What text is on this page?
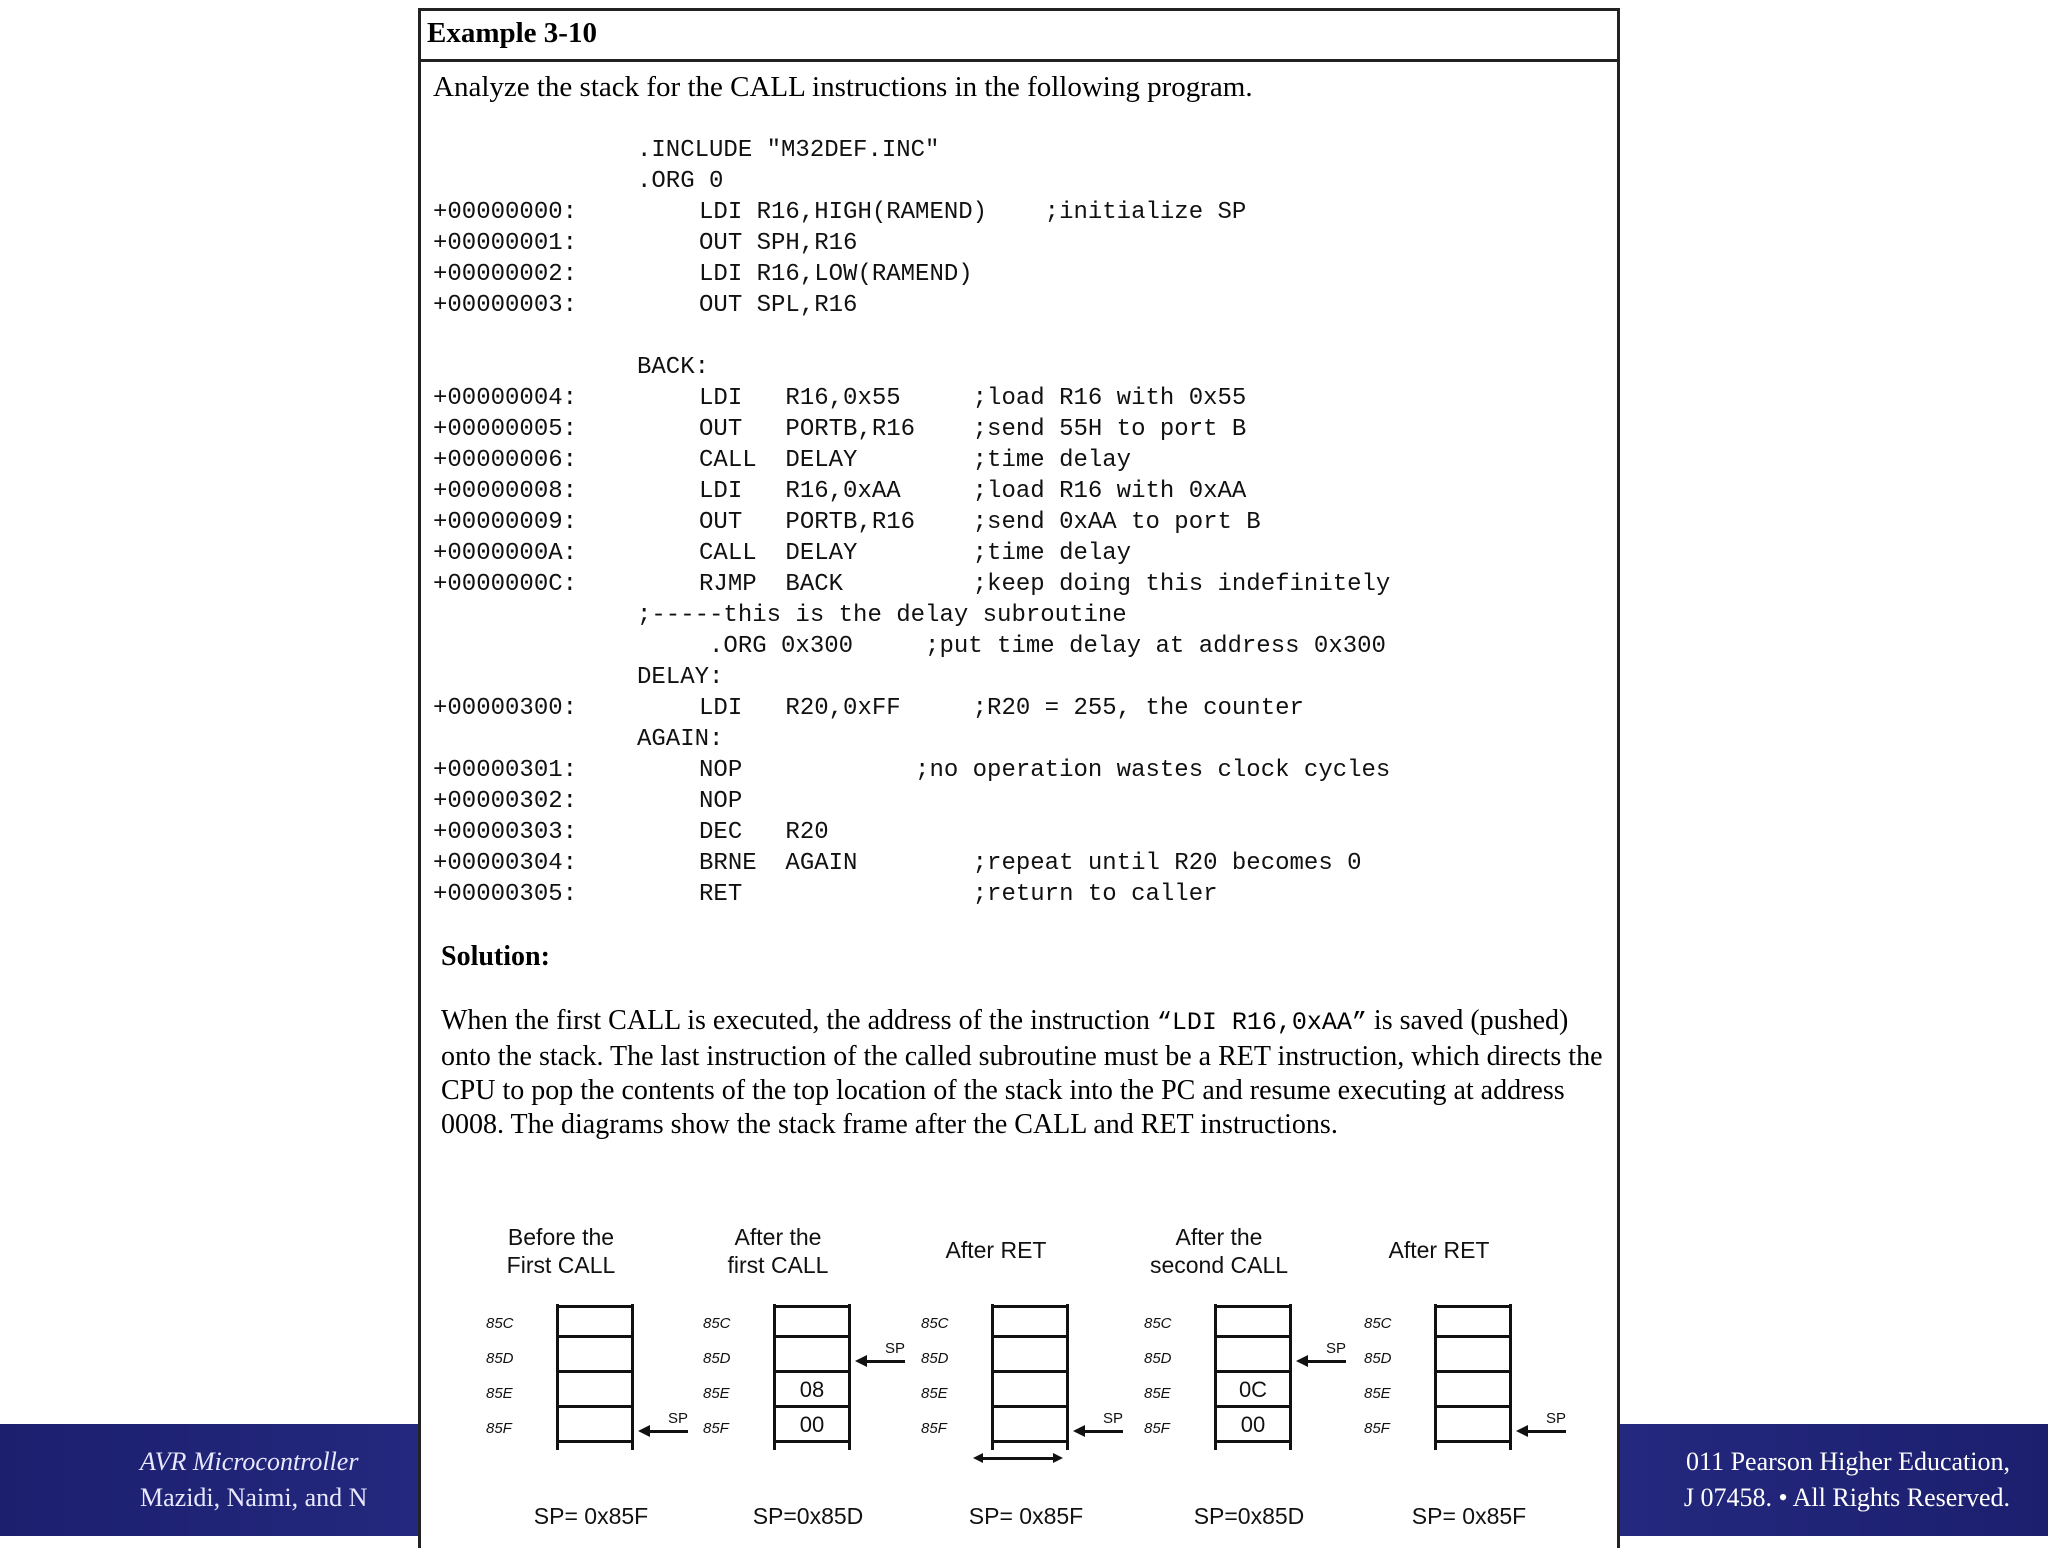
AVR Microcontroller
Mazidi, Naimi, and N
011 Pearson Higher Education,
J 07458. • All Rights Reserved.
Example 3-10
Analyze the stack for the CALL instructions in the following program.
.INCLUDE "M32DEF.INC"
.ORG 0
+00000000: LDI R16,HIGH(RAMEND)    ;initialize SP
+00000001: OUT SPH,R16
+00000002: LDI R16,LOW(RAMEND)
+00000003: OUT SPL,R16
BACK:
+00000004: LDI   R16,0x55     ;load R16 with 0x55
+00000005: OUT   PORTB,R16    ;send 55H to port B
+00000006: CALL  DELAY        ;time delay
+00000008: LDI   R16,0xAA     ;load R16 with 0xAA
+00000009: OUT   PORTB,R16    ;send 0xAA to port B
+0000000A: CALL  DELAY        ;time delay
+0000000C: RJMP  BACK         ;keep doing this indefinitely
;-----this is the delay subroutine
.ORG 0x300     ;put time delay at address 0x300
DELAY:
+00000300: LDI   R20,0xFF     ;R20 = 255, the counter
AGAIN:
+00000301: NOP            ;no operation wastes clock cycles
+00000302: NOP
+00000303: DEC   R20
+00000304: BRNE  AGAIN        ;repeat until R20 becomes 0
+00000305: RET                ;return to caller
Solution:
When the first CALL is executed, the address of the instruction “LDI R16,0xAA” is saved (pushed) onto the stack. The last instruction of the called subroutine must be a RET instruction, which directs the CPU to pop the contents of the top location of the stack into the PC and resume executing at address 0008. The diagrams show the stack frame after the CALL and RET instructions.
Before the
First CALL
85C
85D
85E
85F
SP
SP= 0x85F
After the
first CALL
85C
85D
85E	08
85F	00
SP
SP=0x85D
After RET
85C
85D
85E
85F
SP
SP= 0x85F
After the
second CALL
85C
85D
85E	0C
85F	00
SP
SP=0x85D
After RET
85C
85D
85E
85F
SP
SP= 0x85F
